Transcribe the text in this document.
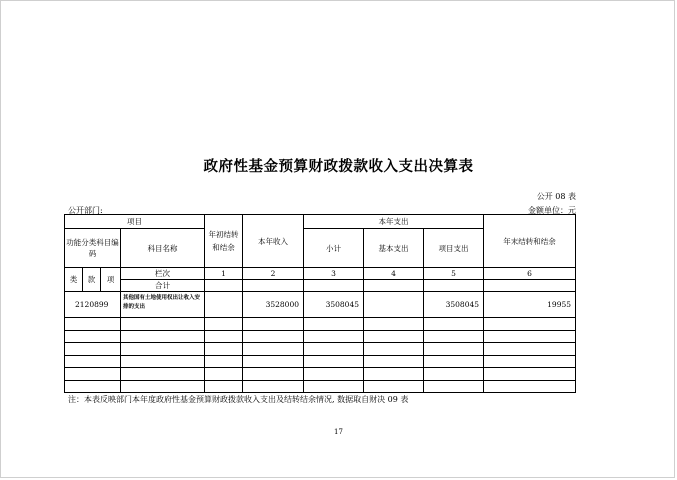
政府性基金预算财政拨款收入支出决算表
公开 08 表
公开部门:	金额单位：元
项目				年初结转和结余	本年收入	本年支出			年末结转和结余
功能分类科目编码			科目名称			小计	基本支出	项目支出	
类	款	项	栏次	1	2	3	4	5	6
			合计						
2120899			其他国有土地使用权出让收入安排的支出		3528000	3508045		3508045	19955

注：本表反映部门本年度政府性基金预算财政拨款收入支出及结转结余情况, 数据取自财决 09 表
17
